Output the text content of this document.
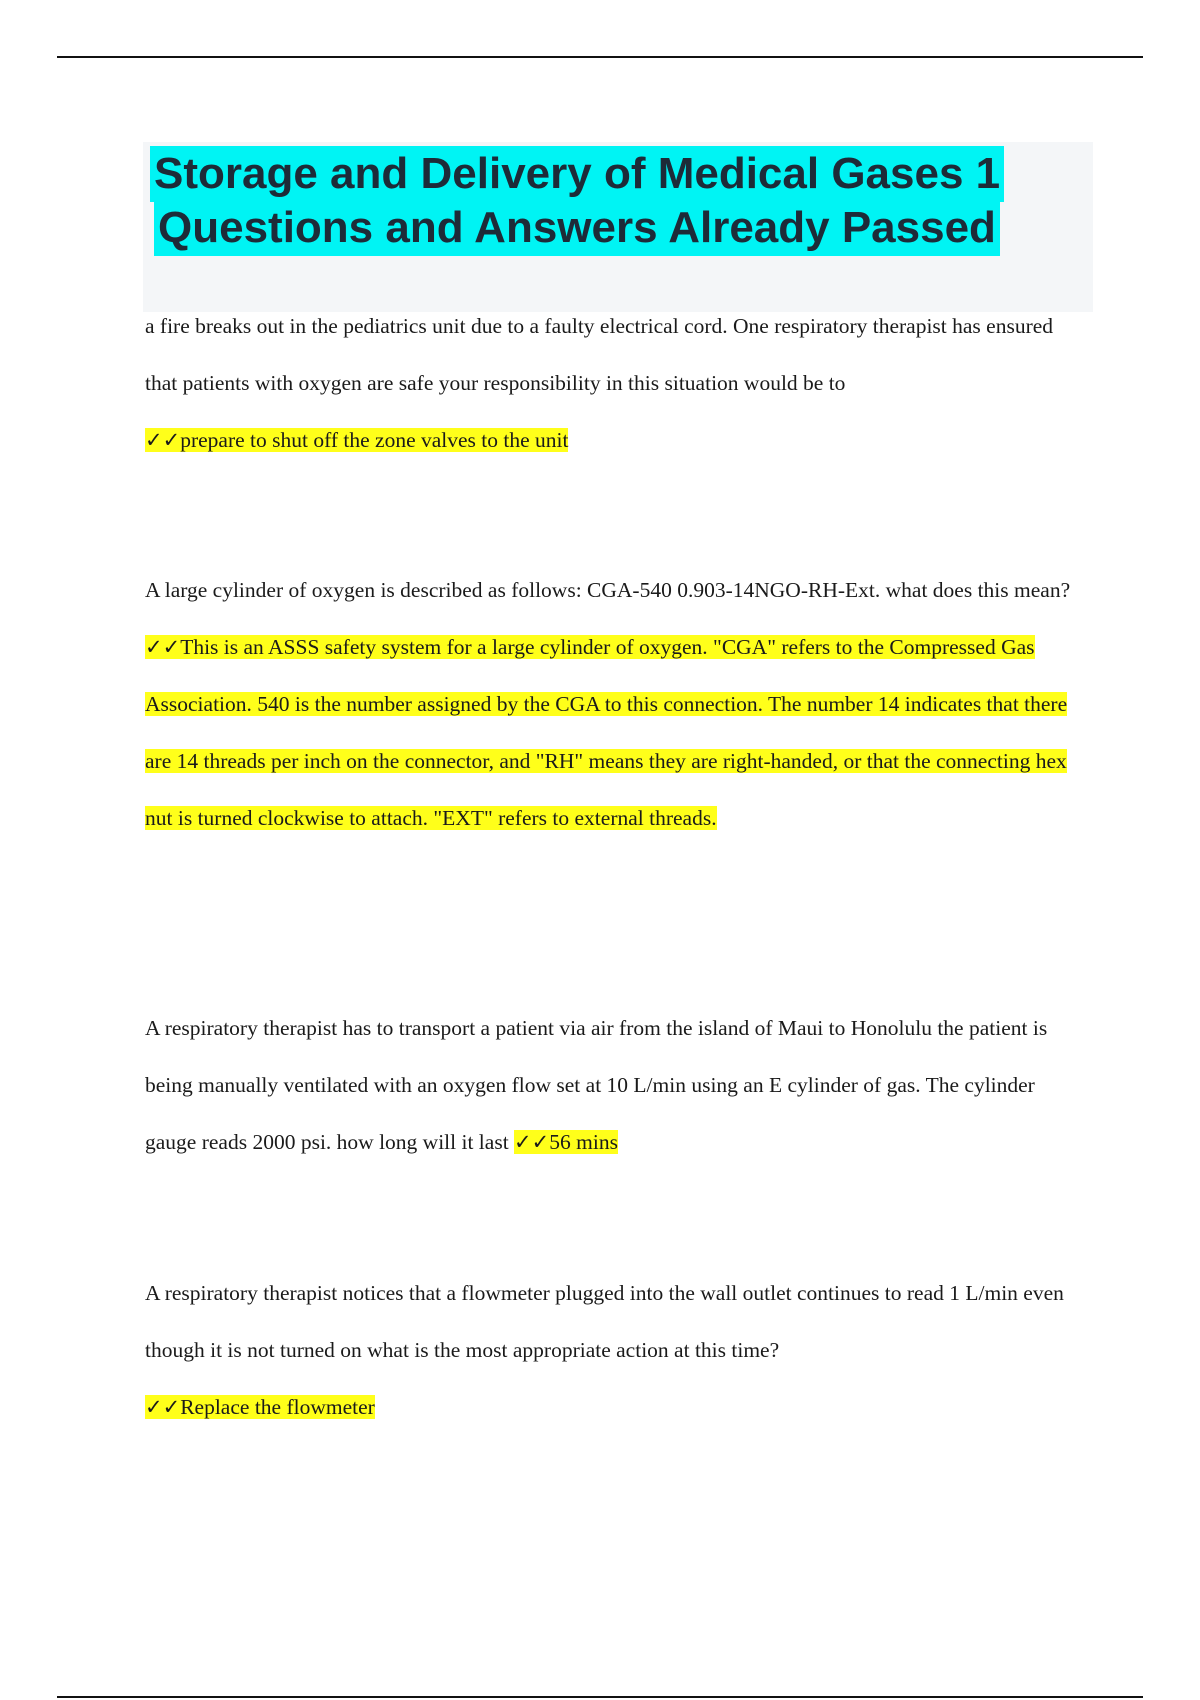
Storage and Delivery of Medical Gases 1
Questions and Answers Already Passed

a fire breaks out in the pediatrics unit due to a faulty electrical cord. One respiratory therapist has ensured that patients with oxygen are safe your responsibility in this situation would be to
✓✓prepare to shut off the zone valves to the unit

A large cylinder of oxygen is described as follows: CGA-540 0.903-14NGO-RH-Ext. what does this mean? ✓✓This is an ASSS safety system for a large cylinder of oxygen. "CGA" refers to the Compressed Gas Association. 540 is the number assigned by the CGA to this connection. The number 14 indicates that there are 14 threads per inch on the connector, and "RH" means they are right-handed, or that the connecting hex nut is turned clockwise to attach. "EXT" refers to external threads.

A respiratory therapist has to transport a patient via air from the island of Maui to Honolulu the patient is being manually ventilated with an oxygen flow set at 10 L/min using an E cylinder of gas. The cylinder gauge reads 2000 psi. how long will it last ✓✓56 mins

A respiratory therapist notices that a flowmeter plugged into the wall outlet continues to read 1 L/min even though it is not turned on what is the most appropriate action at this time?
✓✓Replace the flowmeter
